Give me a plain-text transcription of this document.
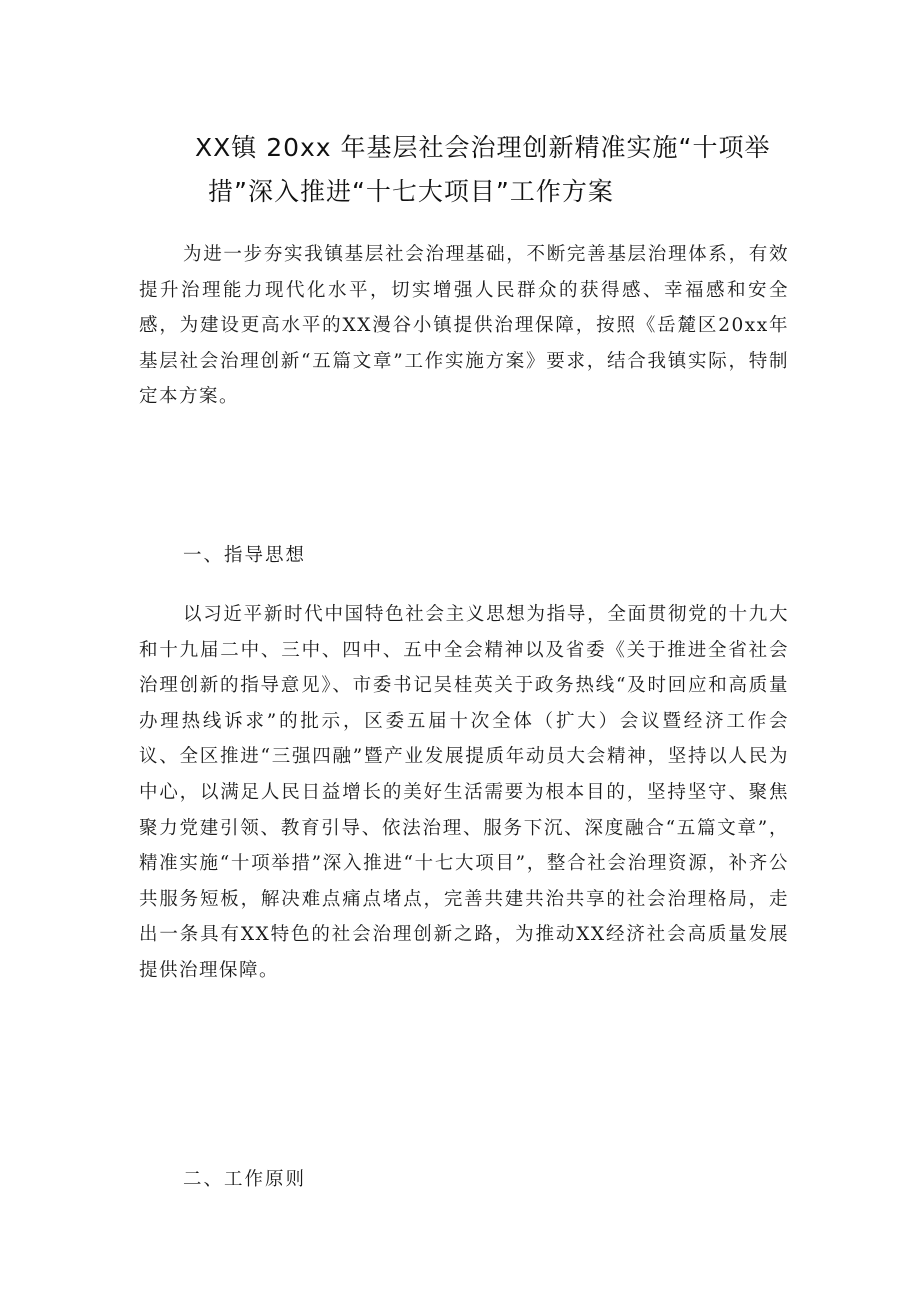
XX镇 20xx 年基层社会治理创新精准实施“十项举
措”深入推进“十七大项目”工作方案

为进一步夯实我镇基层社会治理基础，不断完善基层治理体系，有效提升治理能力现代化水平，切实增强人民群众的获得感、幸福感和安全感，为建设更高水平的XX漫谷小镇提供治理保障，按照《岳麓区20xx年基层社会治理创新“五篇文章”工作实施方案》要求，结合我镇实际，特制定本方案。

一、指导思想

以习近平新时代中国特色社会主义思想为指导，全面贯彻党的十九大和十九届二中、三中、四中、五中全会精神以及省委《关于推进全省社会治理创新的指导意见》、市委书记吴桂英关于政务热线“及时回应和高质量办理热线诉求”的批示，区委五届十次全体（扩大）会议暨经济工作会议、全区推进“三强四融”暨产业发展提质年动员大会精神，坚持以人民为中心，以满足人民日益增长的美好生活需要为根本目的，坚持坚守、聚焦聚力党建引领、教育引导、依法治理、服务下沉、深度融合“五篇文章”，精准实施“十项举措”深入推进“十七大项目”，整合社会治理资源，补齐公共服务短板，解决难点痛点堵点，完善共建共治共享的社会治理格局，走出一条具有XX特色的社会治理创新之路，为推动XX经济社会高质量发展提供治理保障。

二、工作原则
